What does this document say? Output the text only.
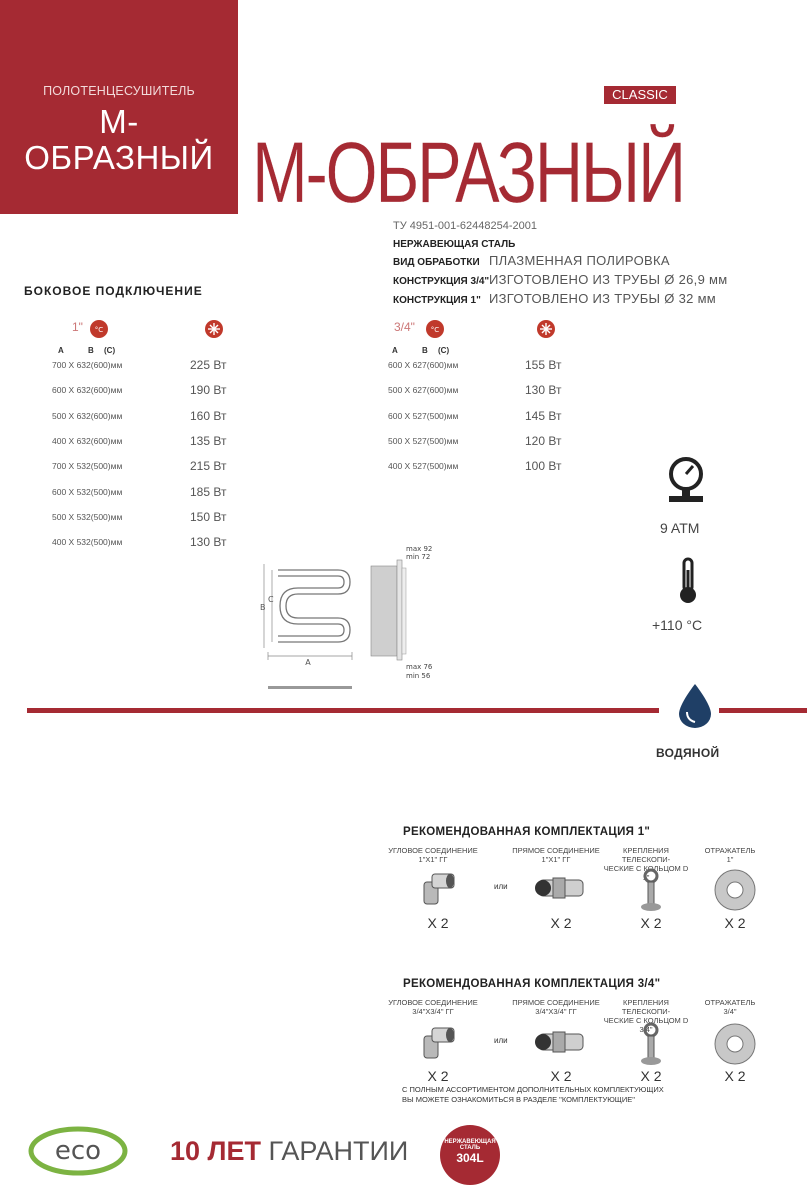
ПОЛОТЕНЦЕСУШИТЕЛЬ
М-
ОБРАЗНЫЙ
CLASSIC
М-ОБРАЗНЫЙ
ТУ 4951-001-62448254-2001
НЕРЖАВЕЮЩАЯ СТАЛЬ
ВИД ОБРАБОТКИ ПЛАЗМЕННАЯ ПОЛИРОВКА
КОНСТРУКЦИЯ 3/4" ИЗГОТОВЛЕНО ИЗ ТРУБЫ Ø 26,9 мм
КОНСТРУКЦИЯ 1" ИЗГОТОВЛЕНО ИЗ ТРУБЫ Ø 32 мм
БОКОВОЕ ПОДКЛЮЧЕНИЕ
1" °C
A	B (C)
700 Х 632(600)мм	225 Вт
600 Х 632(600)мм	190 Вт
500 Х 632(600)мм	160 Вт
400 Х 632(600)мм	135 Вт
700 Х 532(500)мм	215 Вт
600 Х 532(500)мм	185 Вт
500 Х 532(500)мм	150 Вт
400 Х 532(500)мм	130 Вт
3/4" °C
A	B (C)
600 Х 627(600)мм	155 Вт
500 Х 627(600)мм	130 Вт
600 Х 527(500)мм	145 Вт
500 Х 527(500)мм	120 Вт
400 Х 527(500)мм	100 Вт
A
B
C
max 92
min 72
max 76
min 56
9 ATM
+110 °С
ВОДЯНОЙ
РЕКОМЕНДОВАННАЯ КОМПЛЕКТАЦИЯ 1"
УГЛОВОЕ СОЕДИНЕНИЕ
1"Х1" ГГ
Х 2
ПРЯМОЕ СОЕДИНЕНИЕ
1"Х1" ГГ
Х 2
КРЕПЛЕНИЯ ТЕЛЕСКОПИ-
ЧЕСКИЕ С КОЛЬЦОМ D 1"
Х 2
ОТРАЖАТЕЛЬ
1"
Х 2
или
РЕКОМЕНДОВАННАЯ КОМПЛЕКТАЦИЯ 3/4"
УГЛОВОЕ СОЕДИНЕНИЕ
3/4"Х3/4" ГГ
Х 2
ПРЯМОЕ СОЕДИНЕНИЕ
3/4"Х3/4" ГГ
Х 2
КРЕПЛЕНИЯ ТЕЛЕСКОПИ-
ЧЕСКИЕ С КОЛЬЦОМ D 3/4"
Х 2
ОТРАЖАТЕЛЬ
3/4"
Х 2
или
С ПОЛНЫМ АССОРТИМЕНТОМ ДОПОЛНИТЕЛЬНЫХ КОМПЛЕКТУЮЩИХ
ВЫ МОЖЕТЕ ОЗНАКОМИТЬСЯ В РАЗДЕЛЕ "КОМПЛЕКТУЮЩИЕ"
eco	10 ЛЕТ ГАРАНТИИ	НЕРЖАВЕЮЩАЯ
СТАЛЬ
304L
